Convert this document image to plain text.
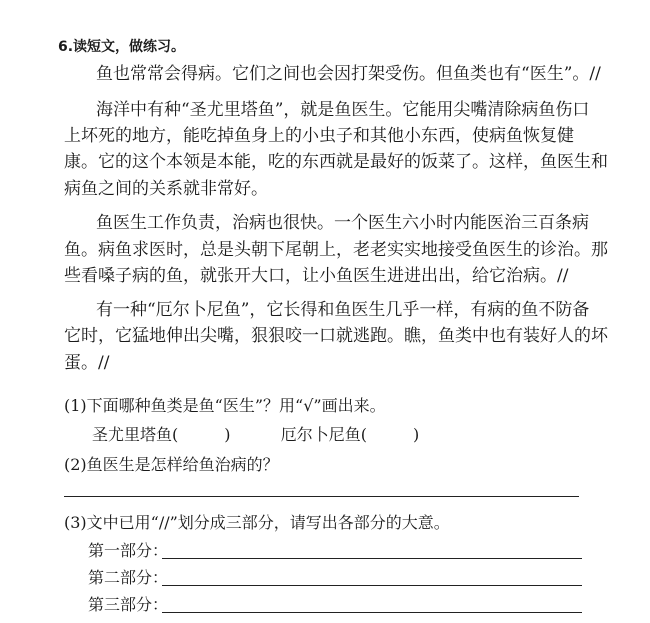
6.读短文，做练习。
鱼也常常会得病。它们之间也会因打架受伤。但鱼类也有“医生”。//
海洋中有种“圣尤里塔鱼”，就是鱼医生。它能用尖嘴清除病鱼伤口
上坏死的地方，能吃掉鱼身上的小虫子和其他小东西，使病鱼恢复健
康。它的这个本领是本能，吃的东西就是最好的饭菜了。这样，鱼医生和
病鱼之间的关系就非常好。
鱼医生工作负责，治病也很快。一个医生六小时内能医治三百条病
鱼。病鱼求医时，总是头朝下尾朝上，老老实实地接受鱼医生的诊治。那
些看嗓子病的鱼，就张开大口，让小鱼医生进进出出，给它治病。//
有一种“厄尔卜尼鱼”，它长得和鱼医生几乎一样，有病的鱼不防备
它时，它猛地伸出尖嘴，狠狠咬一口就逃跑。瞧，鱼类中也有装好人的坏
蛋。//
(1)下面哪种鱼类是鱼“医生”？用“√”画出来。
圣尤里塔鱼(	)	厄尔卜尼鱼(	)
(2)鱼医生是怎样给鱼治病的？
(3)文中已用“//”划分成三部分，请写出各部分的大意。
第一部分：
第二部分：
第三部分：
